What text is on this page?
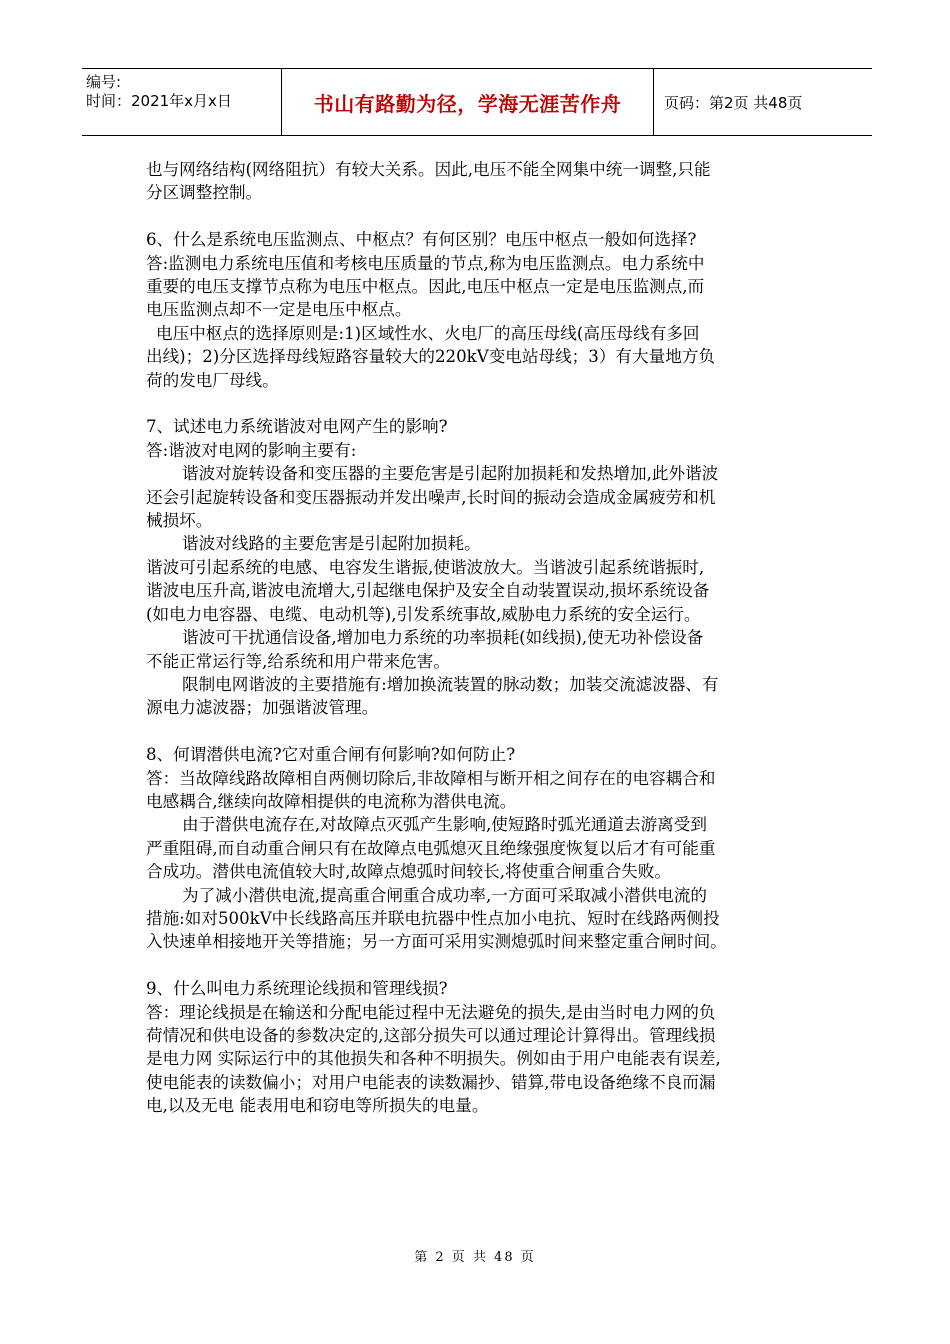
编号:
时间：2021年x月x日	书山有路勤为径，学海无涯苦作舟	页码：第2页 共48页

也与网络结构(网络阻抗）有较大关系。因此,电压不能全网集中统一调整,只能

分区调整控制。

6、什么是系统电压监测点、中枢点？有何区别？电压中枢点一般如何选择?

答:监测电力系统电压值和考核电压质量的节点,称为电压监测点。电力系统中

重要的电压支撑节点称为电压中枢点。因此,电压中枢点一定是电压监测点,而

电压监测点却不一定是电压中枢点。

电压中枢点的选择原则是:1)区域性水、火电厂的高压母线(高压母线有多回

出线)；2)分区选择母线短路容量较大的220kV变电站母线；3）有大量地方负

荷的发电厂母线。

7、试述电力系统谐波对电网产生的影响?

答:谐波对电网的影响主要有:

谐波对旋转设备和变压器的主要危害是引起附加损耗和发热增加,此外谐波

还会引起旋转设备和变压器振动并发出噪声,长时间的振动会造成金属疲劳和机

械损坏。

谐波对线路的主要危害是引起附加损耗。

谐波可引起系统的电感、电容发生谐振,使谐波放大。当谐波引起系统谐振时,

谐波电压升高,谐波电流增大,引起继电保护及安全自动装置误动,损坏系统设备

(如电力电容器、电缆、电动机等),引发系统事故,威胁电力系统的安全运行。

谐波可干扰通信设备,增加电力系统的功率损耗(如线损),使无功补偿设备

不能正常运行等,给系统和用户带来危害。

限制电网谐波的主要措施有:增加换流装置的脉动数；加装交流滤波器、有

源电力滤波器；加强谐波管理。

8、何谓潜供电流?它对重合闸有何影响?如何防止?

答：当故障线路故障相自两侧切除后,非故障相与断开相之间存在的电容耦合和

电感耦合,继续向故障相提供的电流称为潜供电流。

由于潜供电流存在,对故障点灭弧产生影响,使短路时弧光通道去游离受到

严重阻碍,而自动重合闸只有在故障点电弧熄灭且绝缘强度恢复以后才有可能重

合成功。潜供电流值较大时,故障点熄弧时间较长,将使重合闸重合失败。

为了减小潜供电流,提高重合闸重合成功率,一方面可采取减小潜供电流的

措施:如对500kV中长线路高压并联电抗器中性点加小电抗、短时在线路两侧投

入快速单相接地开关等措施；另一方面可采用实测熄弧时间来整定重合闸时间。

9、什么叫电力系统理论线损和管理线损?

答：理论线损是在输送和分配电能过程中无法避免的损失,是由当时电力网的负

荷情况和供电设备的参数决定的,这部分损失可以通过理论计算得出。管理线损

是电力网 实际运行中的其他损失和各种不明损失。例如由于用户电能表有误差,

使电能表的读数偏小；对用户电能表的读数漏抄、错算,带电设备绝缘不良而漏

电,以及无电 能表用电和窃电等所损失的电量。

第 2 页 共 48 页
